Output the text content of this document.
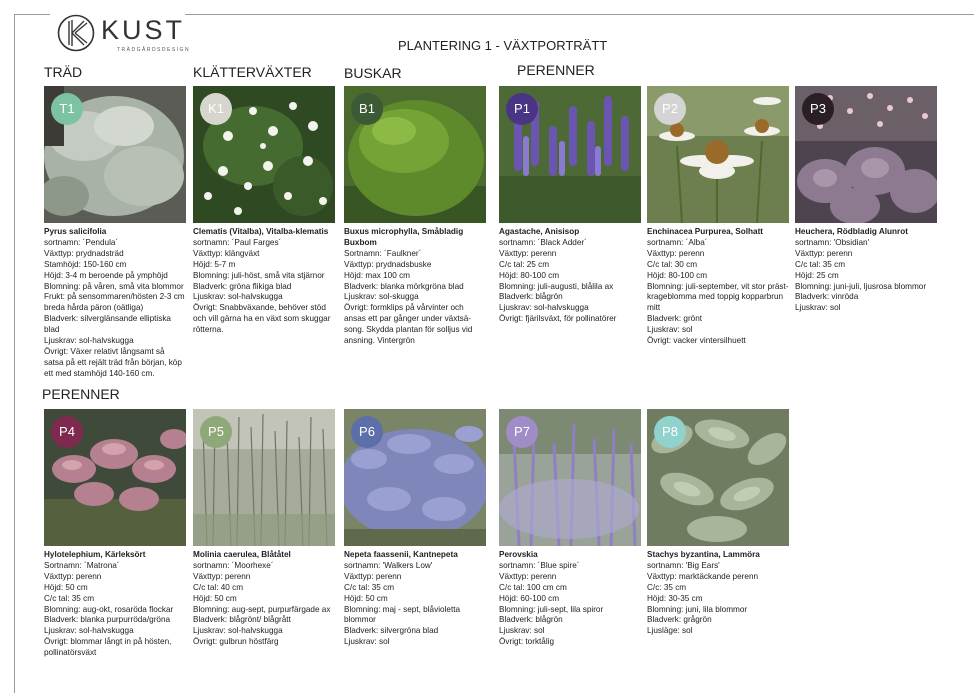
KUST
TRÄDGÅRDSDESIGN	PLANTERING 1 - VÄXTPORTRÄTT
TRÄD	KLÄTTERVÄXTER BUSKAR	PERENNER
PERENNER
T1
Pyrus salicifolia
sortnamn: ´Pendula´
Växttyp: prydnadsträd
Stamhöjd: 150-160 cm
Höjd: 3-4 m beroende på ymphöjd
Blomning: på våren, små vita blommor
Frukt: på sensommaren/hösten 2-3 cm breda hårda päron (oätliga)
Bladverk: silverglänsande elliptiska blad
Ljuskrav: sol-halvskugga
Övrigt: Växer relativt långsamt så satsa på ett rejält träd från början, köp ett med stamhöjd 140-160 cm.
K1
Clematis (Vitalba), Vitalba-klematis
sortnamn: ´Paul Farges´
Växttyp: klängväxt
Höjd: 5-7 m
Blomning: juli-höst, små vita stjärnor
Bladverk: gröna flikiga blad
Ljuskrav: sol-halvskugga
Övrigt: Snabbväxande, behöver stöd och vill gärna ha en växt som skuggar rötterna.
B1
Buxus microphylla, Småbladig Buxbom
Sortnamn: ´Faulkner´
Växttyp: prydnadsbuske
Höjd: max 100 cm
Bladverk: blanka mörkgröna blad
Ljuskrav: sol-skugga
Övrigt: formklips på vårvinter och ansas ett par gånger under växtsä-song. Skydda plantan för solljus vid ansning. Vintergrön
P1
Agastache, Anisisop
sortnamn: ´Black Adder´
Växttyp: perenn
C/c tal: 25 cm
Höjd: 80-100 cm
Blomning: juli-augusti, blålila ax
Bladverk: blågrön
Ljuskrav: sol-halvskugga
Övrigt: fjärilsväxt, för pollinatörer
P2
Enchinacea Purpurea, Solhatt
sortnamn: ´Alba´
Växttyp: perenn
C/c tal: 30 cm
Höjd: 80-100 cm
Blomning: juli-september, vit stor präst-krageblomma med toppig kopparbrun mitt
Bladverk: grönt
Ljuskrav: sol
Övrigt: vacker vintersilhuett
P3
Heuchera, Rödbladig Alunrot
sortnamn: 'Obsidian'
Växttyp: perenn
C/c tal: 35 cm
Höjd: 25 cm
Blomning: juni-juli, ljusrosa blommor
Bladverk: vinröda
Ljuskrav: sol
P4
Hylotelephium, Kärleksört
Sortnamn: ´Matrona´
Växttyp: perenn
Höjd: 50 cm
C/c tal: 35 cm
Blomning: aug-okt, rosaröda flockar
Bladverk: blanka purpurröda/gröna
Ljuskrav: sol-halvskugga
Övrigt: blommar långt in på hösten, pollinatörsväxt
P5
Molinia caerulea, Blåtåtel
sortnamn: ´Moorhexe´
Växttyp: perenn
C/c tal: 40 cm
Höjd: 50 cm
Blomning: aug-sept, purpurfärgade ax
Bladverk: blågrönt/ blågrått
Ljuskrav: sol-halvskugga
Övrigt: gulbrun höstfärg
P6
Nepeta faassenii, Kantnepeta
sortnamn: 'Walkers Low'
Växttyp: perenn
C/c tal: 35 cm
Höjd: 50 cm
Blomning: maj - sept, blåvioletta blommor
Bladverk: silvergröna blad
Ljuskrav: sol
P7
Perovskia
sortnamn: ´Blue spire´
Växttyp: perenn
C/c tal: 100 cm cm
Höjd: 60-100 cm
Blomning: juli-sept, lila spiror
Bladverk: blågrön
Ljuskrav: sol
Övrigt: torktålig
P8
Stachys byzantina, Lammöra
sortnamn: 'Big Ears'
Växttyp: marktäckande perenn
C/c: 35 cm
Höjd: 30-35 cm
Blomning: juni, lila blommor
Bladverk: grågrön
Ljusläge: sol
